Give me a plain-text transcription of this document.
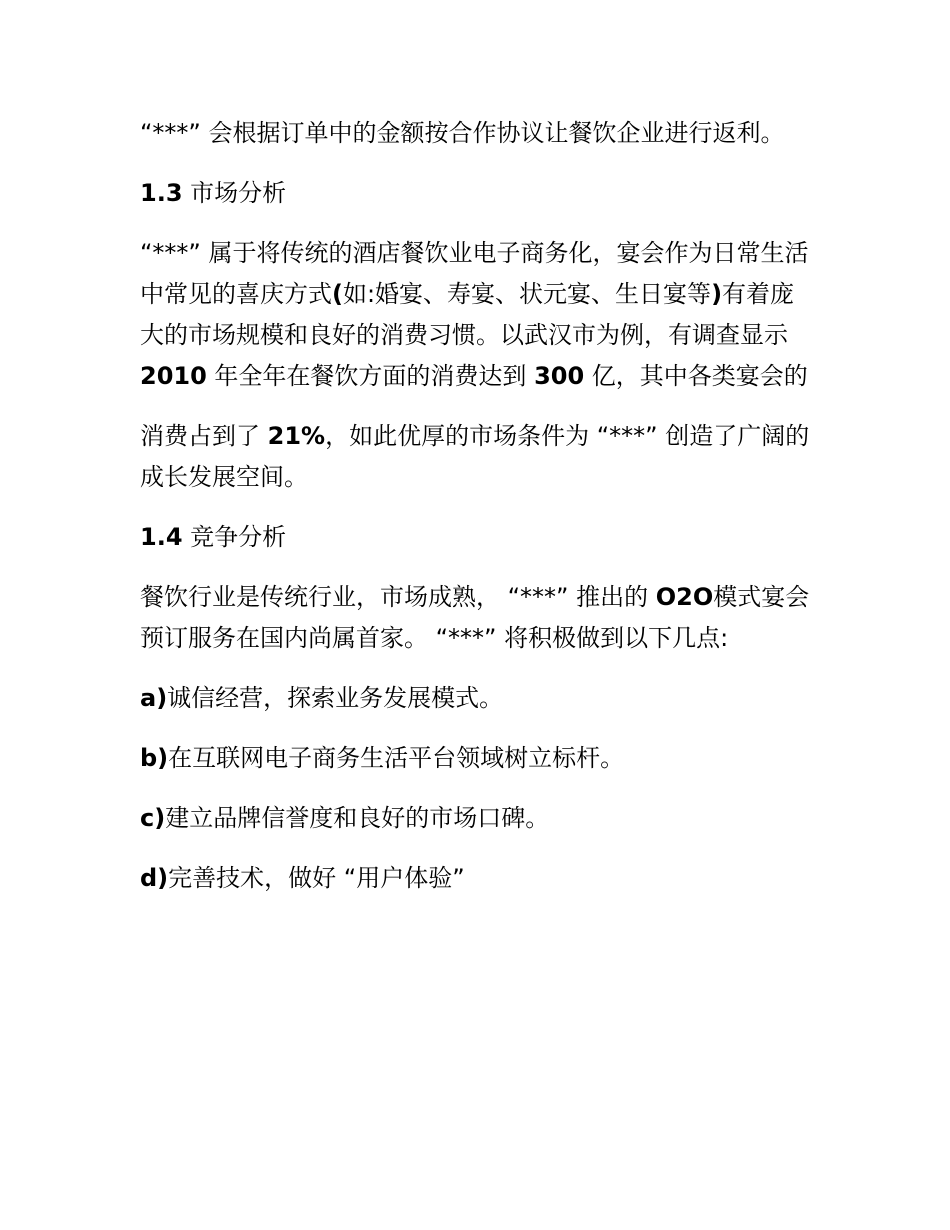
“***” 会根据订单中的金额按合作协议让餐饮企业进行返利。

1.3 市场分析

“***” 属于将传统的酒店餐饮业电子商务化，宴会作为日常生活中常见的喜庆方式(如:婚宴、寿宴、状元宴、生日宴等)有着庞大的市场规模和良好的消费习惯。以武汉市为例，有调查显示 2010 年全年在餐饮方面的消费达到 300 亿，其中各类宴会的

消费占到了 21%，如此优厚的市场条件为 “***” 创造了广阔的成长发展空间。

1.4 竞争分析

餐饮行业是传统行业，市场成熟， “***” 推出的 O2O模式宴会预订服务在国内尚属首家。 “***” 将积极做到以下几点:

a)诚信经营，探索业务发展模式。

b)在互联网电子商务生活平台领域树立标杆。

c)建立品牌信誉度和良好的市场口碑。

d)完善技术，做好 “用户体验”
